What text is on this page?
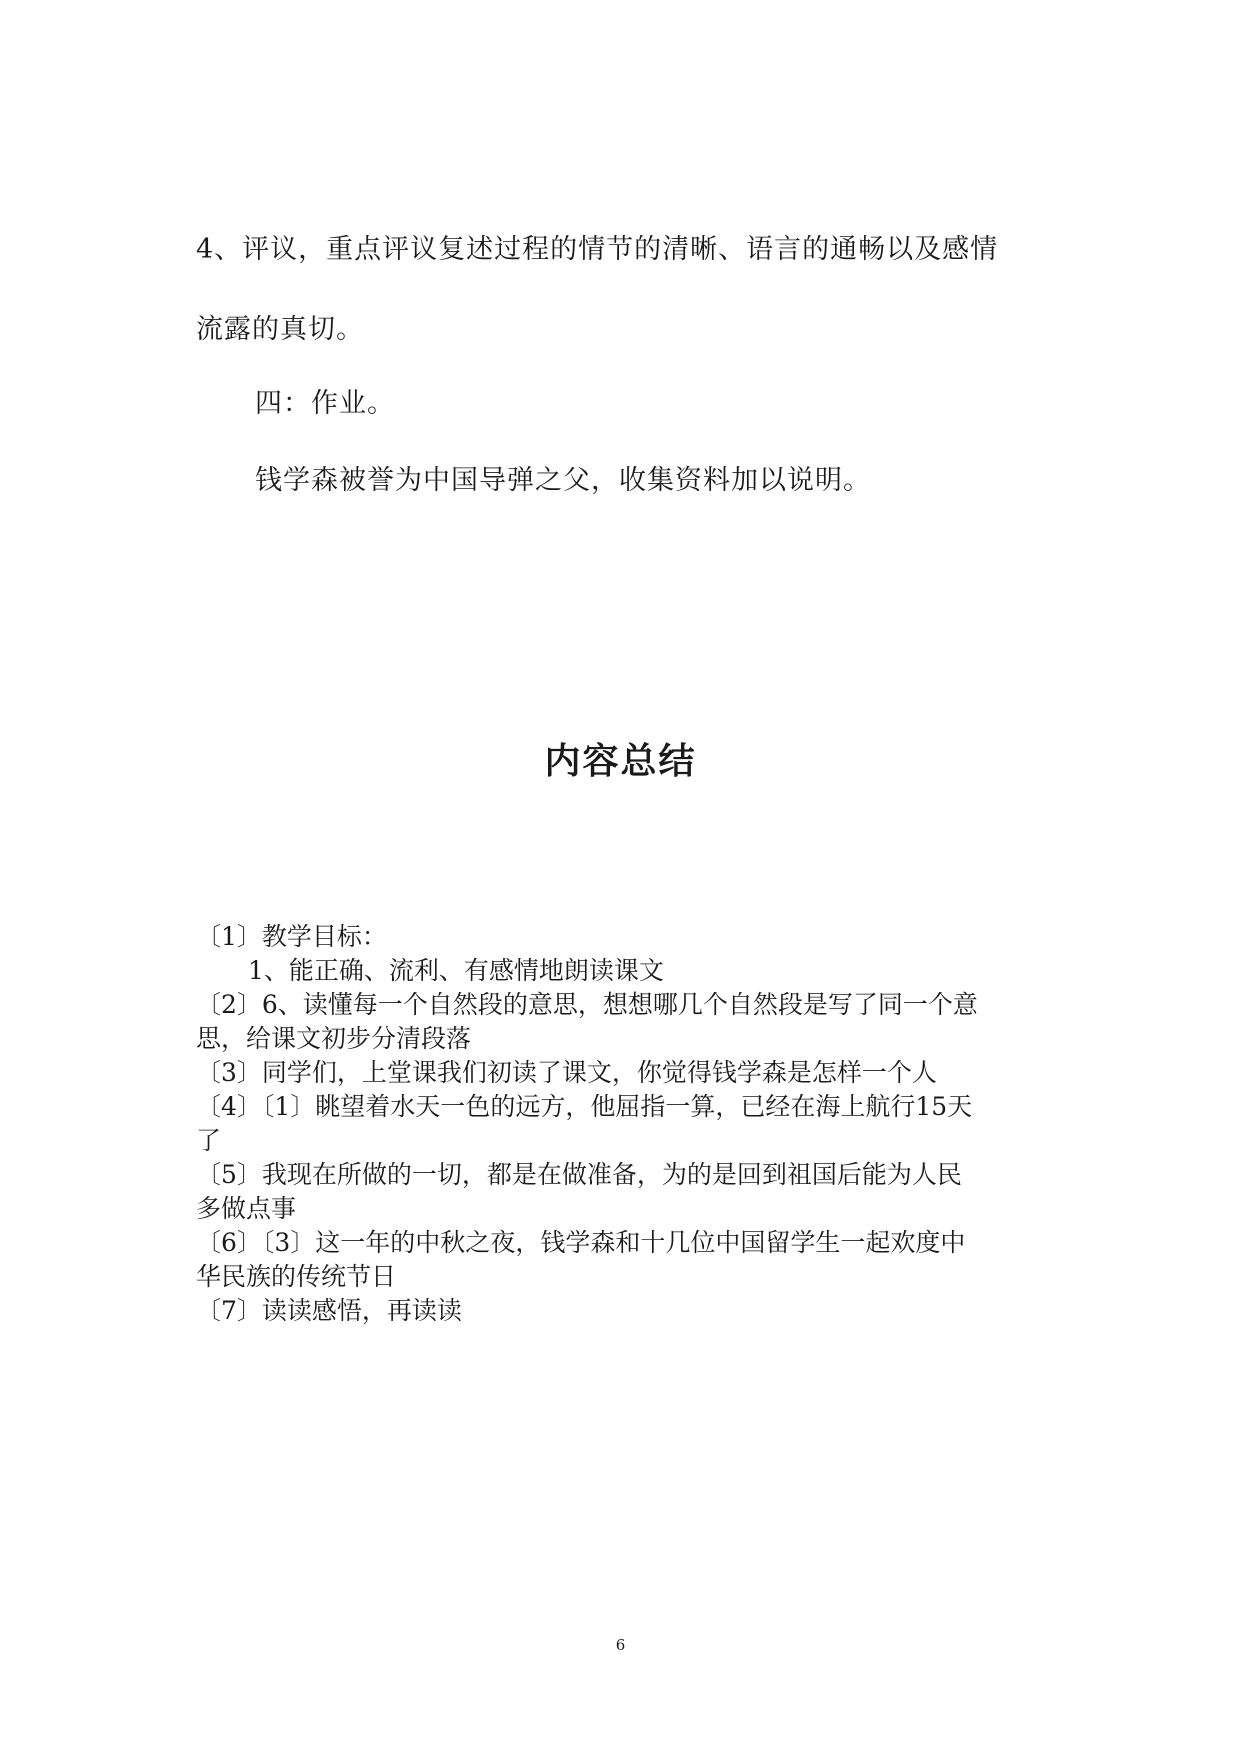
4、评议，重点评议复述过程的情节的清晰、语言的通畅以及感情

流露的真切。

四：作业。

钱学森被誉为中国导弹之父，收集资料加以说明。

内容总结

〔1〕教学目标：

1、能正确、流利、有感情地朗读课文

〔2〕6、读懂每一个自然段的意思，想想哪几个自然段是写了同一个意

思，给课文初步分清段落

〔3〕同学们，上堂课我们初读了课文，你觉得钱学森是怎样一个人

〔4〕〔1〕眺望着水天一色的远方，他屈指一算，已经在海上航行15天

了

〔5〕我现在所做的一切，都是在做准备，为的是回到祖国后能为人民

多做点事

〔6〕〔3〕这一年的中秋之夜，钱学森和十几位中国留学生一起欢度中

华民族的传统节日

〔7〕读读感悟，再读读

6
